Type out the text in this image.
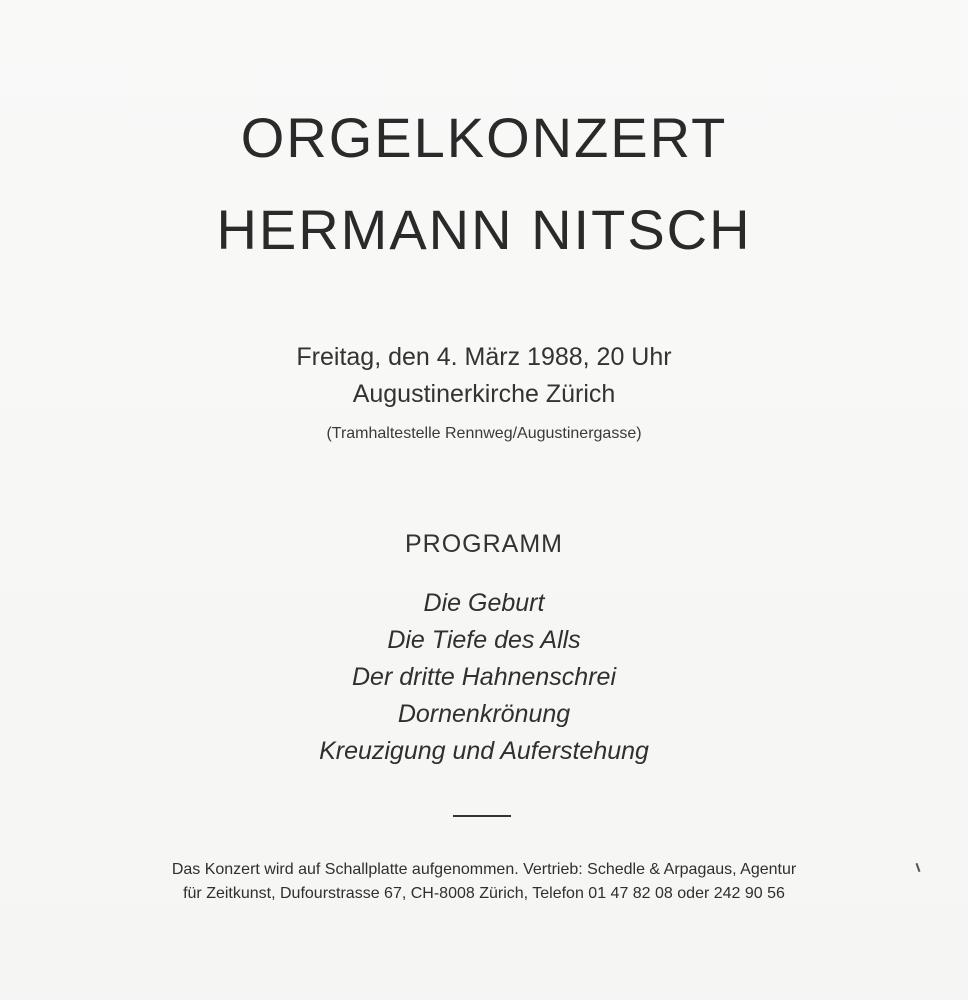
ORGELKONZERT
HERMANN NITSCH
Freitag, den 4. März 1988, 20 Uhr
Augustinerkirche Zürich
(Tramhaltestelle Rennweg/Augustinergasse)
PROGRAMM
Die Geburt
Die Tiefe des Alls
Der dritte Hahnenschrei
Dornenkrönung
Kreuzigung und Auferstehung
Das Konzert wird auf Schallplatte aufgenommen. Vertrieb: Schedle & Arpagaus, Agentur
für Zeitkunst, Dufourstrasse 67, CH-8008 Zürich, Telefon 01 47 82 08 oder 242 90 56
